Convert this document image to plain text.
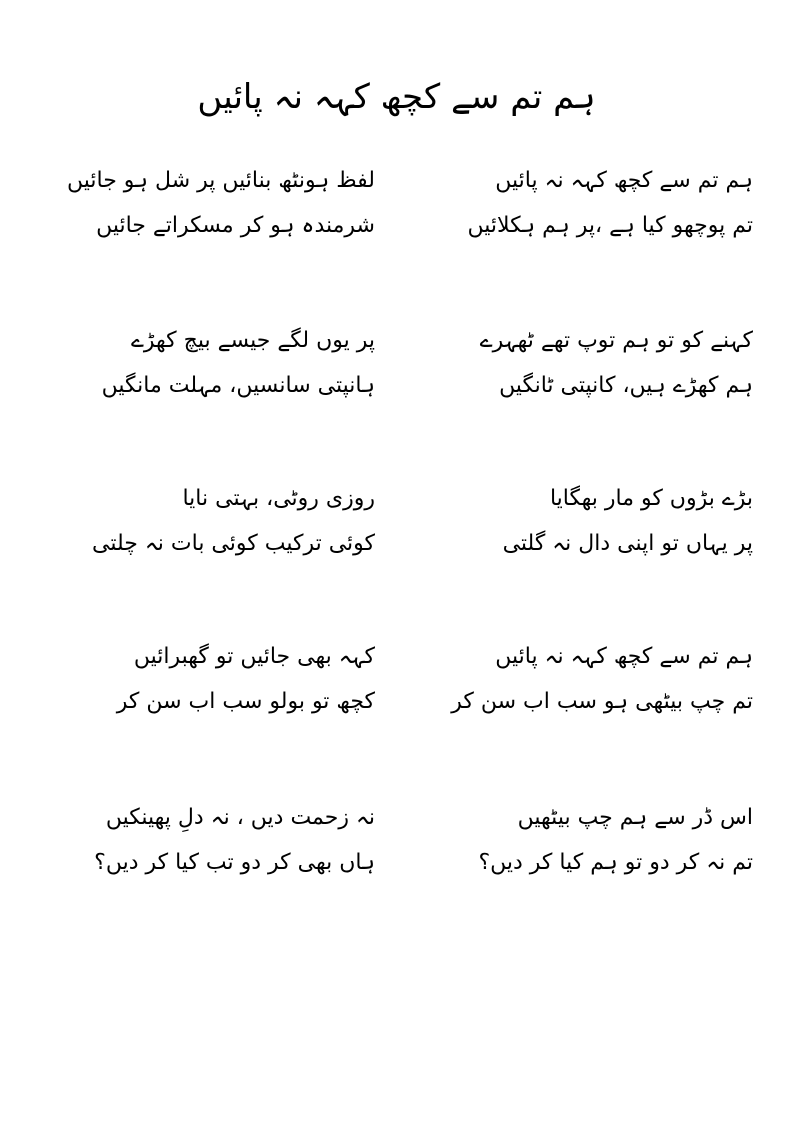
ہم تم سے کچھ کہہ نہ پائیں
ہم تم سے کچھ کہہ نہ پائیں
لفظ ہونٹھ بنائیں پر شل ہو جائیں
تم پوچھو کیا ہے ،پر ہم ہکلائیں
شرمندہ ہو کر مسکراتے جائیں
کہنے کو تو ہم توپ تھے ٹھہرے
پر یوں لگے جیسے بیچ کھڑے
ہم کھڑے ہیں، کانپتی ٹانگیں
ہانپتی سانسیں، مہلت مانگیں
بڑے بڑوں کو مار بھگایا
روزی روٹی، بہتی نایا
پر یہاں تو اپنی دال نہ گلتی
کوئی ترکیب کوئی بات نہ چلتی
ہم تم سے کچھ کہہ نہ پائیں
کہہ بھی جائیں تو گھبرائیں
تم چپ بیٹھی ہو سب اب سن کر
کچھ تو بولو سب اب سن کر
اس ڈر سے ہم چپ بیٹھیں
نہ زحمت دیں ، نہ دلِ پھینکیں
تم نہ کر دو تو ہم کیا کر دیں؟
ہاں بھی کر دو تب کیا کر دیں؟
